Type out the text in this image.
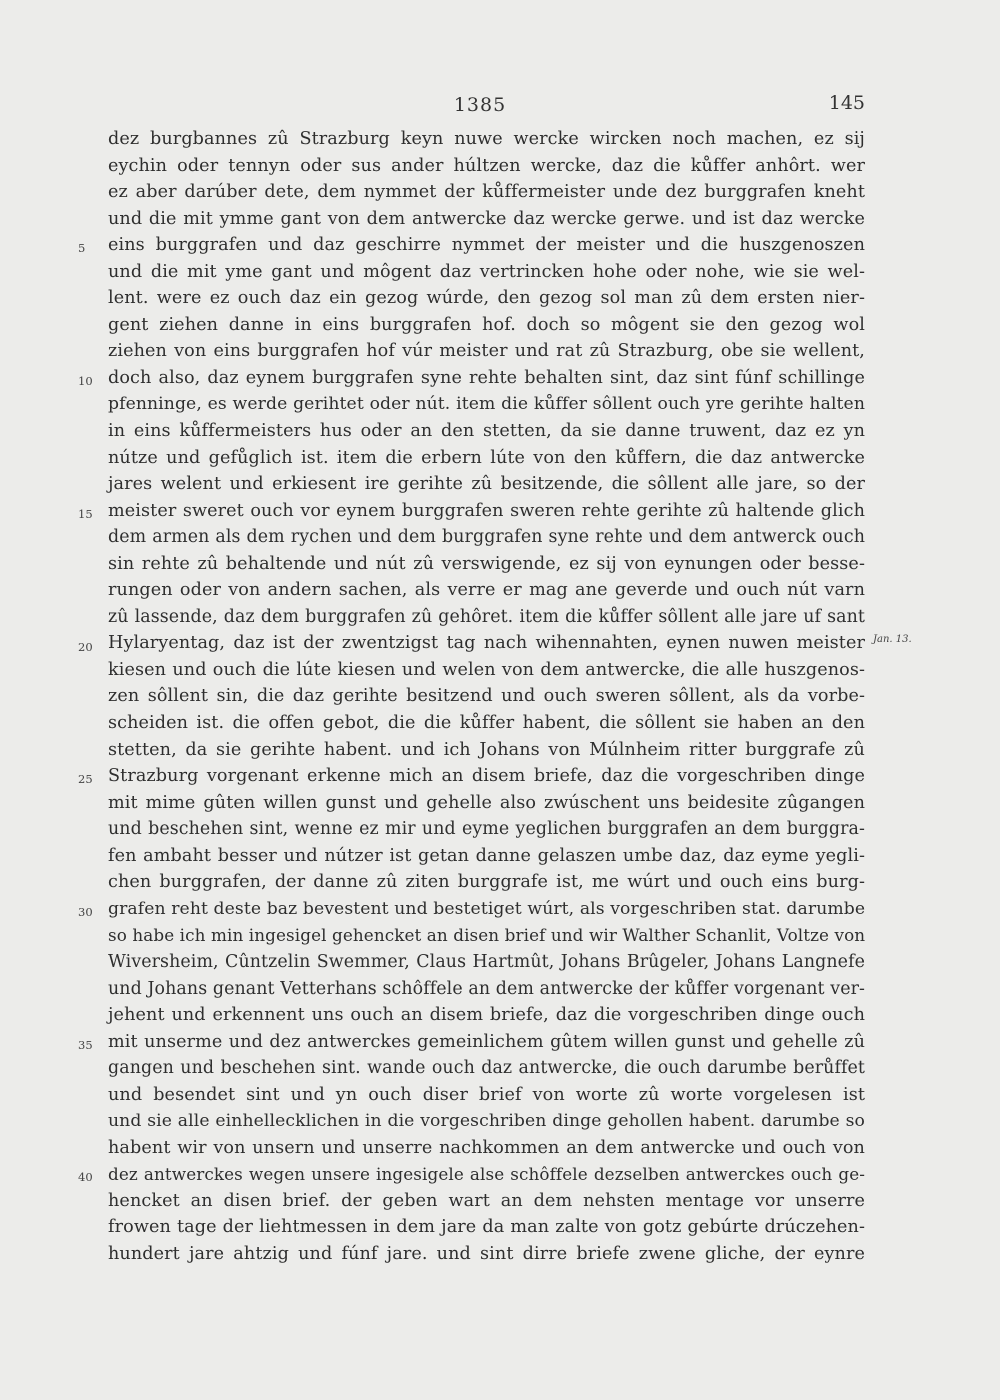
1385	145
5
10
15
20
25
30
35
40
Jan. 13.
dez burgbannes zû Strazburg keyn nuwe wercke wircken noch machen, ez sij
eychin oder tennyn oder sus ander húltzen wercke, daz die kůffer anhôrt. wer
ez aber darúber dete, dem nymmet der kůffermeister unde dez burggrafen kneht
und die mit ymme gant von dem antwercke daz wercke gerwe. und ist daz wercke
eins burggrafen und daz geschirre nymmet der meister und die huszgenoszen
und die mit yme gant und môgent daz vertrincken hohe oder nohe, wie sie wel-
lent. were ez ouch daz ein gezog wúrde, den gezog sol man zû dem ersten nier-
gent ziehen danne in eins burggrafen hof. doch so môgent sie den gezog wol
ziehen von eins burggrafen hof vúr meister und rat zû Strazburg, obe sie wellent,
doch also, daz eynem burggrafen syne rehte behalten sint, daz sint fúnf schillinge
pfenninge, es werde gerihtet oder nút. item die kůffer sôllent ouch yre gerihte halten
in eins kůffermeisters hus oder an den stetten, da sie danne truwent, daz ez yn
nútze und gefůglich ist. item die erbern lúte von den kůffern, die daz antwercke
jares welent und erkiesent ire gerihte zû besitzende, die sôllent alle jare, so der
meister sweret ouch vor eynem burggrafen sweren rehte gerihte zû haltende glich
dem armen als dem rychen und dem burggrafen syne rehte und dem antwerck ouch
sin rehte zû behaltende und nút zû verswigende, ez sij von eynungen oder besse-
rungen oder von andern sachen, als verre er mag ane geverde und ouch nút varn
zû lassende, daz dem burggrafen zû gehôret. item die kůffer sôllent alle jare uf sant
Hylaryentag, daz ist der zwentzigst tag nach wihennahten, eynen nuwen meister
kiesen und ouch die lúte kiesen und welen von dem antwercke, die alle huszgenos-
zen sôllent sin, die daz gerihte besitzend und ouch sweren sôllent, als da vorbe-
scheiden ist. die offen gebot, die die kůffer habent, die sôllent sie haben an den
stetten, da sie gerihte habent. und ich Johans von Múlnheim ritter burggrafe zû
Strazburg vorgenant erkenne mich an disem briefe, daz die vorgeschriben dinge
mit mime gûten willen gunst und gehelle also zwúschent uns beidesite zûgangen
und beschehen sint, wenne ez mir und eyme yeglichen burggrafen an dem burggra-
fen ambaht besser und nútzer ist getan danne gelaszen umbe daz, daz eyme yegli-
chen burggrafen, der danne zû ziten burggrafe ist, me wúrt und ouch eins burg-
grafen reht deste baz bevestent und bestetiget wúrt, als vorgeschriben stat. darumbe
so habe ich min ingesigel gehencket an disen brief und wir Walther Schanlit, Voltze von
Wiversheim, Cûntzelin Swemmer, Claus Hartmût, Johans Brûgeler, Johans Langnefe
und Johans genant Vetterhans schôffele an dem antwercke der kůffer vorgenant ver-
jehent und erkennent uns ouch an disem briefe, daz die vorgeschriben dinge ouch
mit unserme und dez antwerckes gemeinlichem gûtem willen gunst und gehelle zû
gangen und beschehen sint. wande ouch daz antwercke, die ouch darumbe berůffet
und besendet sint und yn ouch diser brief von worte zû worte vorgelesen ist
und sie alle einhellecklichen in die vorgeschriben dinge gehollen habent. darumbe so
habent wir von unsern und unserre nachkommen an dem antwercke und ouch von
dez antwerckes wegen unsere ingesigele alse schôffele dezselben antwerckes ouch ge-
hencket an disen brief. der geben wart an dem nehsten mentage vor unserre
frowen tage der liehtmessen in dem jare da man zalte von gotz gebúrte drúczehen-
hundert jare ahtzig und fúnf jare. und sint dirre briefe zwene gliche, der eynre
